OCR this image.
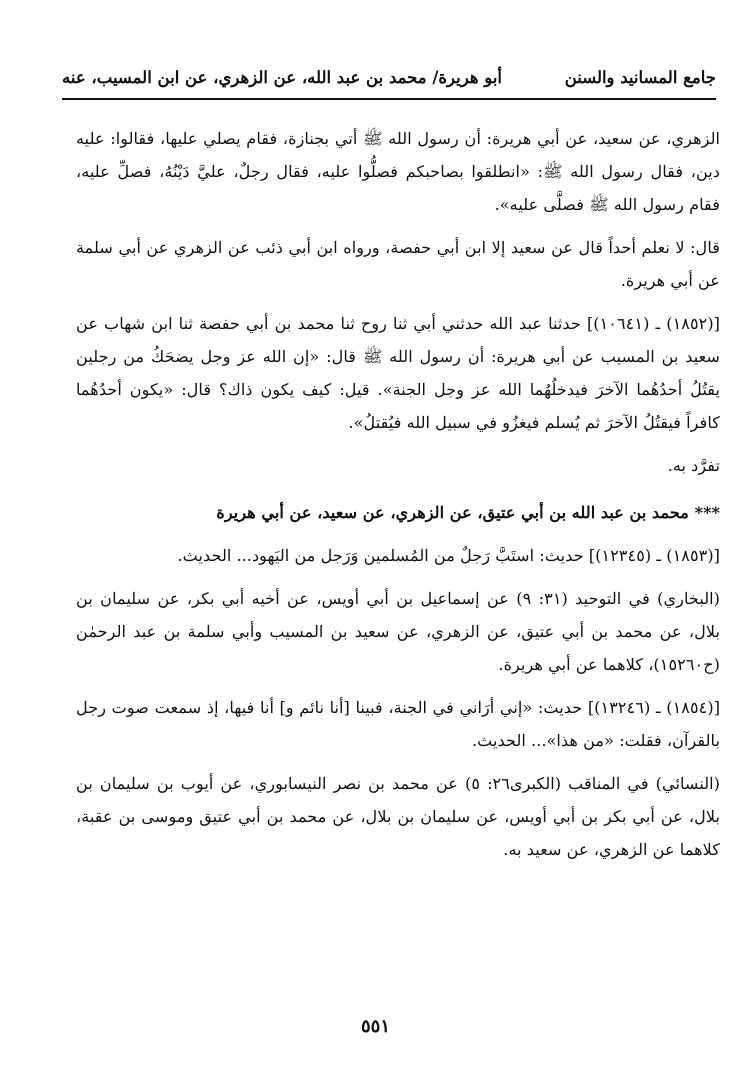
أبو هريرة/ محمد بن عبد الله، عن الزهري، عن ابن المسيب، عنه	جامع المسانيد والسنن

الزهري، عن سعيد، عن أبي هريرة: أن رسول الله ﷺ أتي بجنازة، فقام يصلي عليها، فقالوا: عليه دين، فقال رسول الله ﷺ: «انطلقوا بصاحبكم فصلُّوا عليه، فقال رجلٌ، عليَّ دَيْنُهُ، فصلِّ عليه، فقام رسول الله ﷺ فصلَّى عليه».

قال: لا نعلم أحداً قال عن سعيد إلا ابن أبي حفصة، ورواه ابن أبي ذئب عن الزهري عن أبي سلمة عن أبي هريرة.

[(١٨٥٢) ـ (١٠٦٤١)] حدثنا عبد الله حدثني أبي ثنا روح ثنا محمد بن أبي حفصة ثنا ابن شهاب عن سعيد بن المسيب عن أبي هريرة: أن رسول الله ﷺ قال: «إن الله عز وجل يضحَكُ من رجلين يقتُلُ أحدُهُما الآخرَ فيدخلُهُما الله عز وجل الجنة». قيل: كيف يكون ذاك؟ قال: «يكون أحدُهُما كافراً فيقتُلُ الآخرَ ثم يُسلم فيغزُو في سبيل الله فيُقتلُ».

تفرَّد به.

*** محمد بن عبد الله بن أبي عتيق، عن الزهري، عن سعيد، عن أبي هريرة

[(١٨٥٣) ـ (١٢٣٤٥)] حديث: استَبَّ رَجلٌ من المُسلمين وَرَجل من اليَهود... الحديث.

(البخاري) في التوحيد (٣١: ٩) عن إسماعيل بن أبي أويس، عن أخيه أبي بكر، عن سليمان بن بلال، عن محمد بن أبي عتيق، عن الزهري، عن سعيد بن المسيب وأبي سلمة بن عبد الرحمٰن (ح١٥٢٦٠)، كلاهما عن أبي هريرة.

[(١٨٥٤) ـ (١٣٢٤٦)] حديث: «إني أرَاني في الجنة، فبينا [أنا نائم و] أنا فيها، إذ سمعت صوت رجل بالقرآن، فقلت: «من هذا»... الحديث.

(النسائي) في المناقب (الكبرى٢٦: ٥) عن محمد بن نصر النيسابوري، عن أيوب بن سليمان بن بلال، عن أبي بكر بن أبي أويس، عن سليمان بن بلال، عن محمد بن أبي عتيق وموسى بن عقبة، كلاهما عن الزهري، عن سعيد به.

٥٥١
